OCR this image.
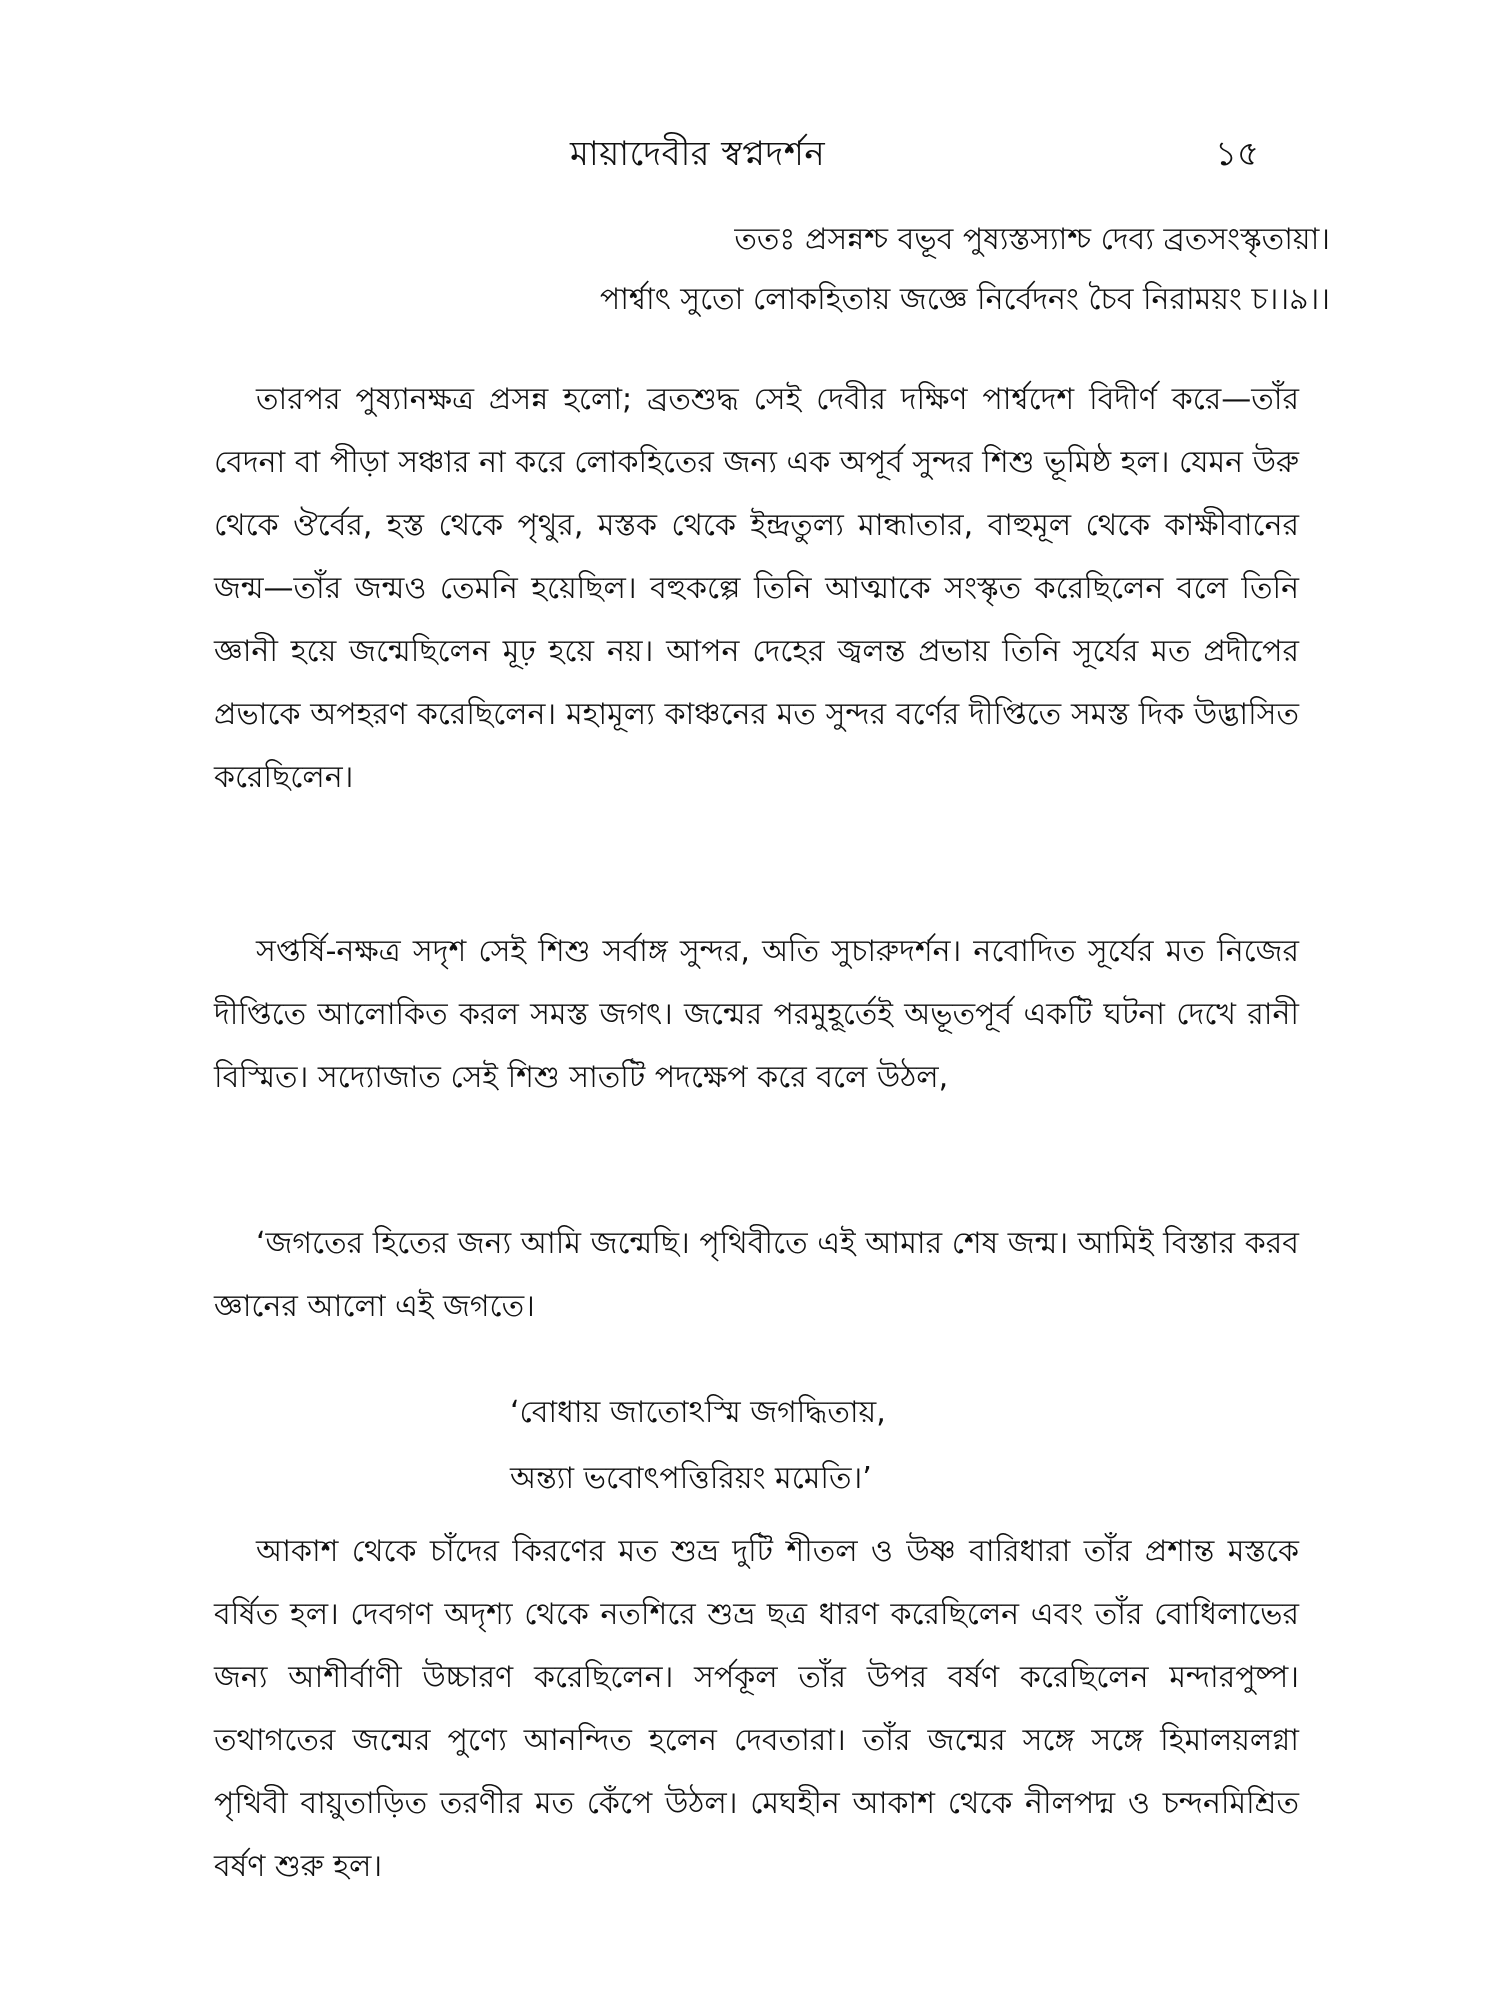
মায়াদেবীর স্বপ্নদর্শন	১৫
ততঃ প্রসন্নশ্চ বভূব পুষ্যস্তস্যাশ্চ দেব্য ব্রতসংস্কৃতায়া।
পার্শ্বাৎ সুতো লোকহিতায় জজ্ঞে নির্বেদনং চৈব নিরাময়ং চ।।৯।।

তারপর পুষ্যানক্ষত্র প্রসন্ন হলো; ব্রতশুদ্ধ সেই দেবীর দক্ষিণ পার্শ্বদেশ বিদীর্ণ করে—তাঁর বেদনা বা পীড়া সঞ্চার না করে লোকহিতের জন্য এক অপূর্ব সুন্দর শিশু ভূমিষ্ঠ হল। যেমন উরু থেকে ঔর্বের, হস্ত থেকে পৃথুর, মস্তক থেকে ইন্দ্রতুল্য মান্ধাতার, বাহুমূল থেকে কাক্ষীবানের জন্ম—তাঁর জন্মও তেমনি হয়েছিল। বহুকল্পে তিনি আত্মাকে সংস্কৃত করেছিলেন বলে তিনি জ্ঞানী হয়ে জন্মেছিলেন মূঢ় হয়ে নয়। আপন দেহের জ্বলন্ত প্রভায় তিনি সূর্যের মত প্রদীপের প্রভাকে অপহরণ করেছিলেন। মহামূল্য কাঞ্চনের মত সুন্দর বর্ণের দীপ্তিতে সমস্ত দিক উদ্ভাসিত করেছিলেন।

সপ্তর্ষি-নক্ষত্র সদৃশ সেই শিশু সর্বাঙ্গ সুন্দর, অতি সুচারুদর্শন। নবোদিত সূর্যের মত নিজের দীপ্তিতে আলোকিত করল সমস্ত জগৎ। জন্মের পরমুহূর্তেই অভূতপূর্ব একটি ঘটনা দেখে রানী বিস্মিত। সদ্যোজাত সেই শিশু সাতটি পদক্ষেপ করে বলে উঠল,

‘জগতের হিতের জন্য আমি জন্মেছি। পৃথিবীতে এই আমার শেষ জন্ম। আমিই বিস্তার করব জ্ঞানের আলো এই জগতে।

‘বোধায় জাতোঽস্মি জগদ্ধিতায়,
অন্ত্যা ভবোৎপত্তিরিয়ং মমেতি।’

আকাশ থেকে চাঁদের কিরণের মত শুভ্র দুটি শীতল ও উষ্ণ বারিধারা তাঁর প্রশান্ত মস্তকে বর্ষিত হল। দেবগণ অদৃশ্য থেকে নতশিরে শুভ্র ছত্র ধারণ করেছিলেন এবং তাঁর বোধিলাভের জন্য আশীর্বাণী উচ্চারণ করেছিলেন। সর্পকূল তাঁর উপর বর্ষণ করেছিলেন মন্দারপুষ্প। তথাগতের জন্মের পুণ্যে আনন্দিত হলেন দেবতারা। তাঁর জন্মের সঙ্গে সঙ্গে হিমালয়লগ্না পৃথিবী বায়ুতাড়িত তরণীর মত কেঁপে উঠল। মেঘহীন আকাশ থেকে নীলপদ্ম ও চন্দনমিশ্রিত বর্ষণ শুরু হল।
